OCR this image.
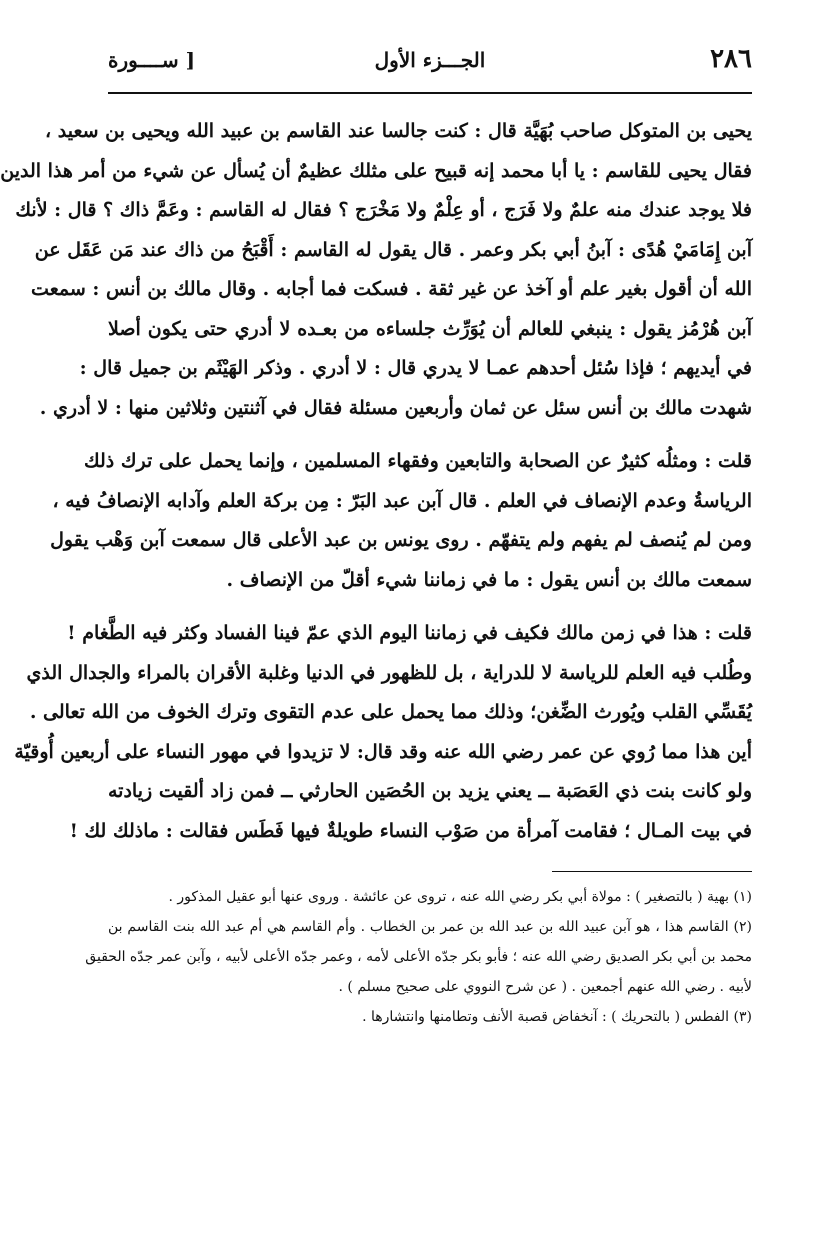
٢٨٦
الجـــزء الأول
[ ســــورة
يحيى بن المتوكل صاحب بُهَيَّة قال : كنت جالسا عند القاسم بن عبيد الله ويحيى بن سعيد ،
فقال يحيى للقاسم : يا أبا محمد إنه قبيح على مثلك عظيمٌ أن يُسأل عن شيء من أمر هذا الدين
فلا يوجد عندك منه علمٌ ولا فَرَج ، أو عِلْمٌ ولا مَخْرَج ؟ فقال له القاسم : وعَمَّ ذاك ؟ قال : لأنك
آبن إِمَامَيْ هُدًى : آبنُ أبي بكر وعمر . قال يقول له القاسم : أَقْبَحُ من ذاك عند مَن عَقَل عن
الله أن أقول بغير علم أو آخذ عن غير ثقة . فسكت فما أجابه . وقال مالك بن أنس : سمعت
آبن هُرْمُز يقول : ينبغي للعالم أن يُوَرِّث جلساءه من بعـده لا أدري حتى يكون أصلا
في أيديهم ؛ فإذا سُئل أحدهم عمـا لا يدري قال : لا أدري . وذكر الهَيْثَم بن جميل قال :
شهدت مالك بن أنس سئل عن ثمان وأربعين مسئلة فقال في آثنتين وثلاثين منها : لا أدري .
قلت : ومثلُه كثيرٌ عن الصحابة والتابعين وفقهاء المسلمين ، وإنما يحمل على ترك ذلك
الرياسةُ وعدم الإنصاف في العلم . قال آبن عبد البَرّ : مِن بركة العلم وآدابه الإنصافُ فيه ،
ومن لم يُنصف لم يفهم ولم يتفهّم . روى يونس بن عبد الأعلى قال سمعت آبن وَهْب يقول
سمعت مالك بن أنس يقول : ما في زماننا شيء أقلّ من الإنصاف .
قلت : هذا في زمن مالك فكيف في زماننا اليوم الذي عمّ فينا الفساد وكثر فيه الطَّغام !
وطُلب فيه العلم للرياسة لا للدراية ، بل للظهور في الدنيا وغلبة الأقران بالمراء والجدال الذي
يُقَسِّي القلب ويُورث الضِّغن؛ وذلك مما يحمل على عدم التقوى وترك الخوف من الله تعالى .
أين هذا مما رُوي عن عمر رضي الله عنه وقد قال: لا تزيدوا في مهور النساء على أربعين أُوقيّة
ولو كانت بنت ذي العَصَبة ــ يعني يزيد بن الحُصَين الحارثي ــ فمن زاد ألقيت زيادته
في بيت المـال ؛ فقامت آمرأة من صَوْب النساء طويلةٌ فيها فَطَس فقالت : ماذلك لك !
(١) بهية ( بالتصغير ) : مولاة أبي بكر رضي الله عنه ، تروى عن عائشة . وروى عنها أبو عقيل المذكور .
(٢) القاسم هذا ، هو آبن عبيد الله بن عبد الله بن عمر بن الخطاب . وأم القاسم هي أم عبد الله بنت القاسم بن
محمد بن أبي بكر الصديق رضي الله عنه ؛ فأبو بكر جدّه الأعلى لأمه ، وعمر جدّه الأعلى لأبيه ، وآبن عمر جدّه الحقيق
لأبيه . رضي الله عنهم أجمعين . ( عن شرح النووي على صحيح مسلم ) .
(٣) الفطس ( بالتحريك ) : آنخفاض قصبة الأنف وتطامنها وانتشارها .
